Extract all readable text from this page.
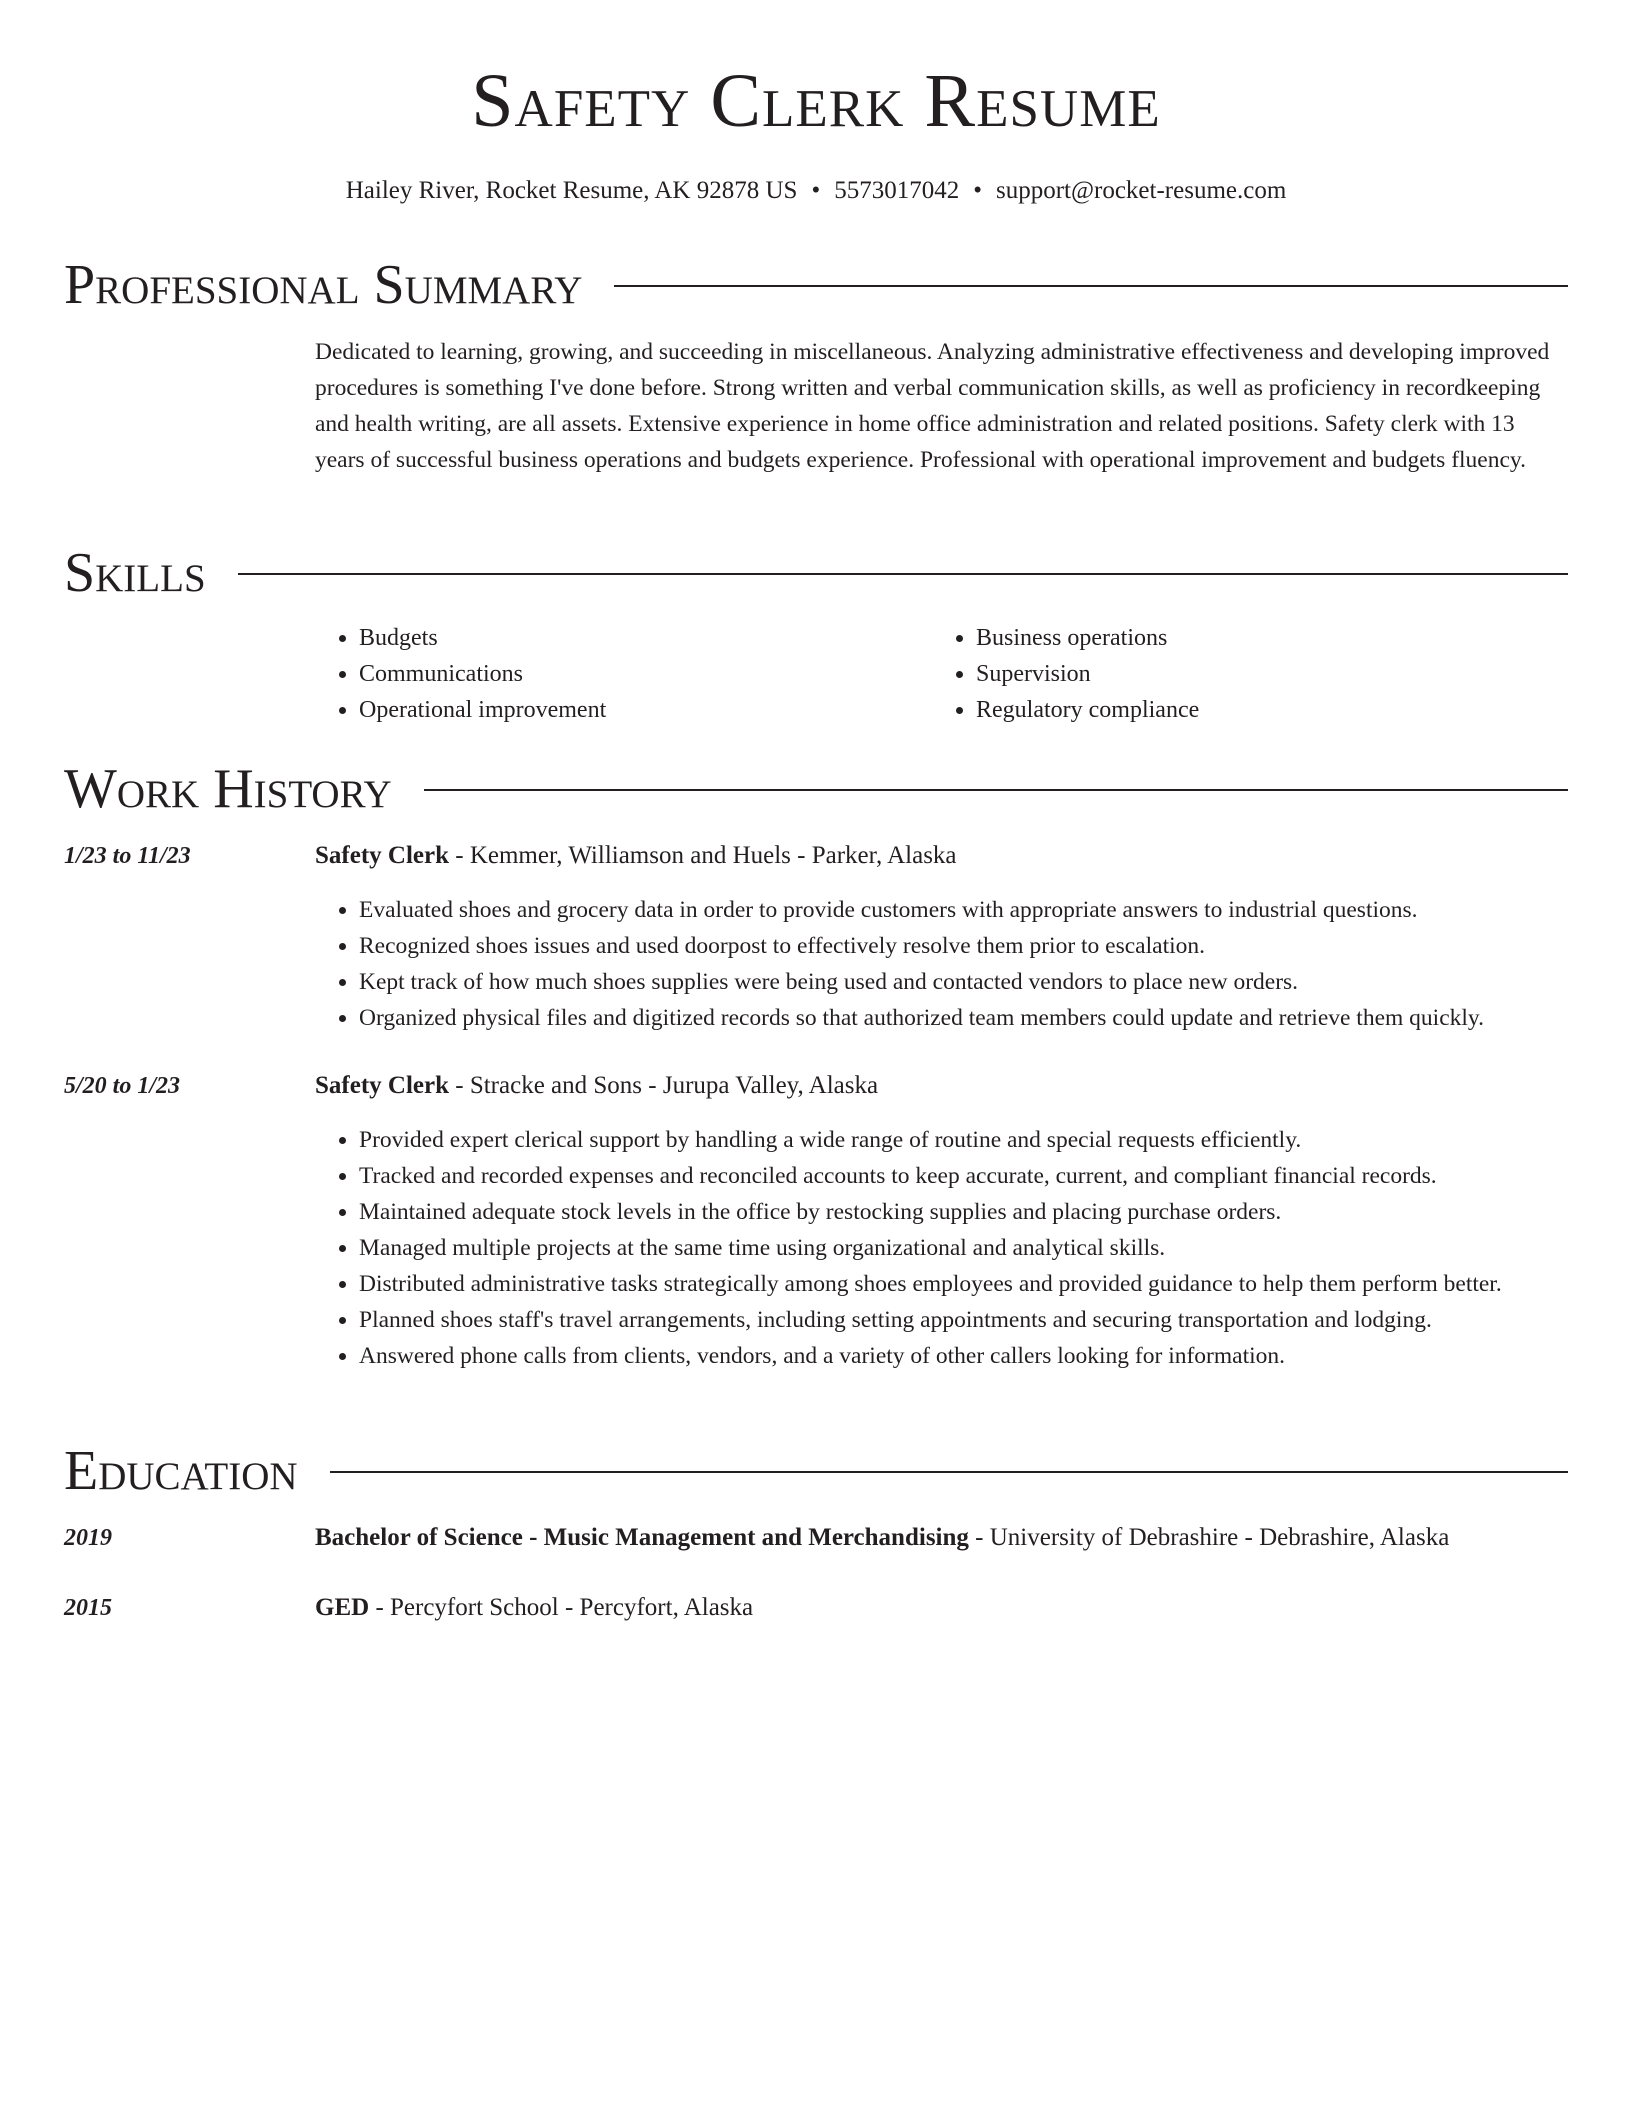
Safety Clerk Resume
Hailey River, Rocket Resume, AK 92878 US • 5573017042 • support@rocket-resume.com
Professional Summary

Dedicated to learning, growing, and succeeding in miscellaneous. Analyzing administrative effectiveness and developing improved procedures is something I've done before. Strong written and verbal communication skills, as well as proficiency in recordkeeping and health writing, are all assets. Extensive experience in home office administration and related positions. Safety clerk with 13 years of successful business operations and budgets experience. Professional with operational improvement and budgets fluency.

Skills
• Budgets
• Communications
• Operational improvement
• Business operations
• Supervision
• Regulatory compliance
Work History
1/23 to 11/23	Safety Clerk - Kemmer, Williamson and Huels - Parker, Alaska
• Evaluated shoes and grocery data in order to provide customers with appropriate answers to industrial questions.
• Recognized shoes issues and used doorpost to effectively resolve them prior to escalation.
• Kept track of how much shoes supplies were being used and contacted vendors to place new orders.
• Organized physical files and digitized records so that authorized team members could update and retrieve them quickly.
5/20 to 1/23	Safety Clerk - Stracke and Sons - Jurupa Valley, Alaska
• Provided expert clerical support by handling a wide range of routine and special requests efficiently.
• Tracked and recorded expenses and reconciled accounts to keep accurate, current, and compliant financial records.
• Maintained adequate stock levels in the office by restocking supplies and placing purchase orders.
• Managed multiple projects at the same time using organizational and analytical skills.
• Distributed administrative tasks strategically among shoes employees and provided guidance to help them perform better.
• Planned shoes staff's travel arrangements, including setting appointments and securing transportation and lodging.
• Answered phone calls from clients, vendors, and a variety of other callers looking for information.
Education
2019	Bachelor of Science - Music Management and Merchandising - University of Debrashire - Debrashire, Alaska
2015	GED - Percyfort School - Percyfort, Alaska
